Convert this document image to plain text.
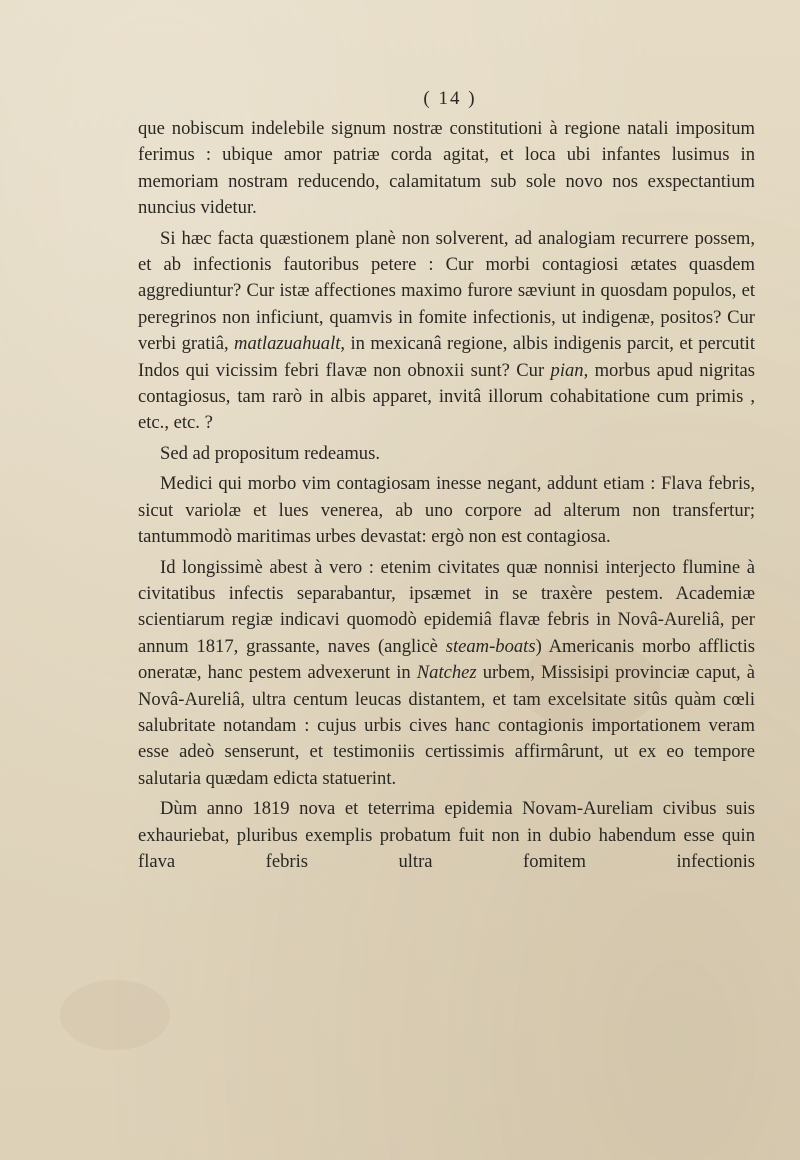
( 14 )

que nobiscum indelebile signum nostræ constitutioni à regione natali impositum ferimus : ubique amor patriæ corda agitat, et loca ubi infantes lusimus in memoriam nostram reducendo, calamitatum sub sole novo nos exspectantium nuncius videtur.

Si hæc facta quæstionem planè non solverent, ad analogiam recurrere possem, et ab infectionis fautoribus petere : Cur morbi contagiosi ætates quasdem aggrediuntur? Cur istæ affectiones maximo furore sæviunt in quosdam populos, et peregrinos non inficiunt, quamvis in fomite infectionis, ut indigenæ, positos? Cur verbi gratiâ, matlazuahualt, in mexicanâ regione, albis indigenis parcit, et percutit Indos qui vicissim febri flavæ non obnoxii sunt? Cur pian, morbus apud nigritas contagiosus, tam rarò in albis apparet, invitâ illorum cohabitatione cum primis , etc., etc. ?

Sed ad propositum redeamus.

Medici qui morbo vim contagiosam inesse negant, addunt etiam : Flava febris, sicut variolæ et lues venerea, ab uno corpore ad alterum non transfertur; tantummodò maritimas urbes devastat: ergò non est contagiosa.

Id longissimè abest à vero : etenim civitates quæ nonnisi interjecto flumine à civitatibus infectis separabantur, ipsæmet in se traxère pestem. Academiæ scientiarum regiæ indicavi quomodò epidemiâ flavæ febris in Novâ-Aureliâ, per annum 1817, grassante, naves (anglicè steam-boats) Americanis morbo afflictis oneratæ, hanc pestem advexerunt in Natchez urbem, Missisipi provinciæ caput, à Novâ-Aureliâ, ultra centum leucas distantem, et tam excelsitate sitûs quàm cœli salubritate notandam : cujus urbis cives hanc contagionis importationem veram esse adeò senserunt, et testimoniis certissimis affirmârunt, ut ex eo tempore salutaria quædam edicta statuerint.

Dùm anno 1819 nova et teterrima epidemia Novam-Aureliam civibus suis exhauriebat, pluribus exemplis probatum fuit non in dubio habendum esse quin flava febris ultra fomitem infectionis
